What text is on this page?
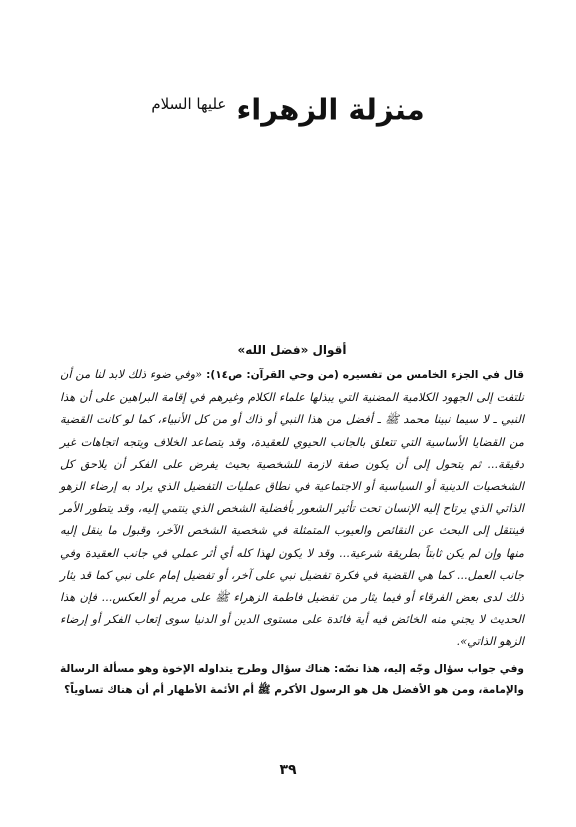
منزلة الزهراء $^{عليها السلام}$
أقوال «فضل الله»

قال في الجزء الخامس من تفسيره (من وحي القرآن: ص١٤): «وفي ضوء ذلك لابد لنا من أن نلتفت إلى الجهود الكلامية المضنية التي يبذلها علماء الكلام وغيرهم في إقامة البراهين على أن هذا النبي ـ لا سيما نبينا محمد ﷺ ـ أفضل من هذا النبي أو ذاك أو من كل الأنبياء، كما لو كانت القضية من القضايا الأساسية التي تتعلق بالجانب الحيوي للعقيدة، وقد يتصاعد الخلاف ويتجه اتجاهات غير دقيقة... ثم يتحول إلى أن يكون صفة لازمة للشخصية بحيث يفرض على الفكر أن يلاحق كل الشخصيات الدينية أو السياسية أو الاجتماعية في نطاق عمليات التفضيل الذي يراد به إرضاء الزهو الذاتي الذي يرتاح إليه الإنسان تحت تأثير الشعور بأفضلية الشخص الذي ينتمي إليه، وقد يتطور الأمر فينتقل إلى البحث عن النقائص والعيوب المتمثلة في شخصية الشخص الآخر، وقبول ما ينقل إليه منها وإن لم يكن ثابتاً بطريقة شرعية... وقد لا يكون لهذا كله أي أثر عملي في جانب العقيدة وفي جانب العمل... كما هي القضية في فكرة تفضيل نبي على آخر، أو تفضيل إمام على نبي كما قد يثار ذلك لدى بعض الفرقاء أو فيما يثار من تفضيل فاطمة الزهراء ﷺ على مريم أو العكس... فإن هذا الحديث لا يجني منه الخائض فيه أية فائدة على مستوى الدين أو الدنيا سوى إتعاب الفكر أو إرضاء الزهو الذاتي».

وفي جواب سؤال وجّه إليه، هذا نصّه: هناك سؤال وطرح يتداوله الإخوة وهو مسألة الرسالة والإمامة، ومن هو الأفضل هل هو الرسول الأكرم ﷺ أم الأئمة الأطهار أم أن هناك تساوياً؟

٣٩
